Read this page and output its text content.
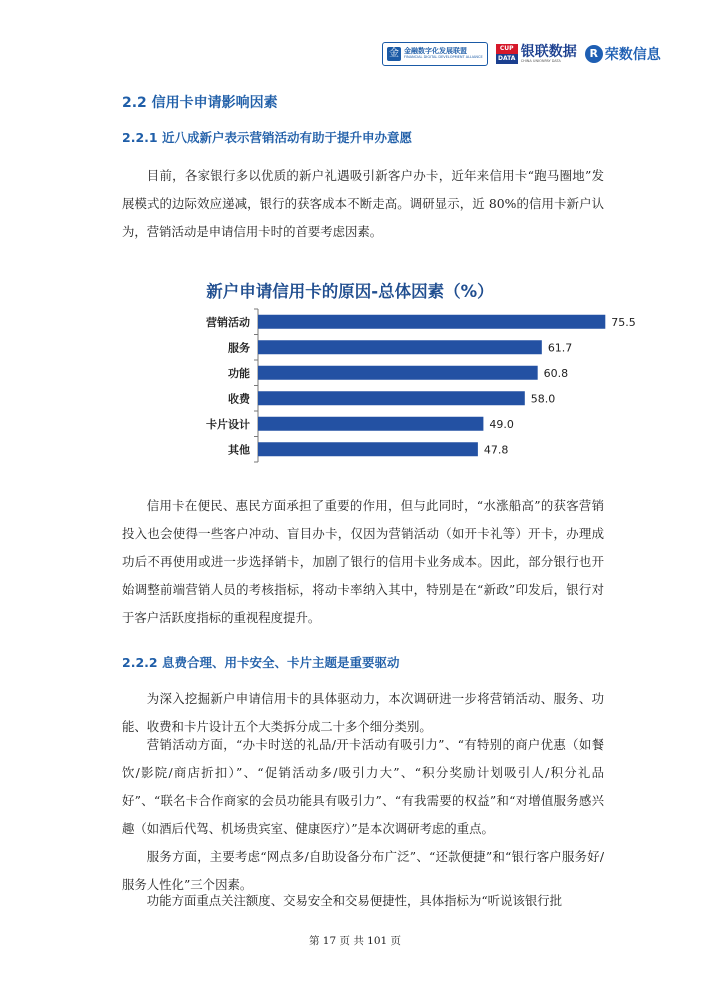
金 金融数字化发展联盟
FINANCIAL DIGITAL DEVELOPMENT ALLIANCE
CUP
DATA 银联数据
CHINA UNIONPAY DATA
R 荣数信息
2.2 信用卡申请影响因素
2.2.1 近八成新户表示营销活动有助于提升申办意愿

目前，各家银行多以优质的新户礼遇吸引新客户办卡，近年来信用卡“跑马圈地”发展模式的边际效应递减，银行的获客成本不断走高。调研显示，近 80%的信用卡新户认为，营销活动是申请信用卡时的首要考虑因素。

新户申请信用卡的原因-总体因素（%）
营销活动	75.5
服务	61.7
功能	60.8
收费	58.0
卡片设计	49.0
其他	47.8

信用卡在便民、惠民方面承担了重要的作用，但与此同时，“水涨船高”的获客营销投入也会使得一些客户冲动、盲目办卡，仅因为营销活动（如开卡礼等）开卡，办理成功后不再使用或进一步选择销卡，加剧了银行的信用卡业务成本。因此，部分银行也开始调整前端营销人员的考核指标，将动卡率纳入其中，特别是在“新政”印发后，银行对于客户活跃度指标的重视程度提升。

2.2.2 息费合理、用卡安全、卡片主题是重要驱动

为深入挖掘新户申请信用卡的具体驱动力，本次调研进一步将营销活动、服务、功能、收费和卡片设计五个大类拆分成二十多个细分类别。

营销活动方面，“办卡时送的礼品/开卡活动有吸引力”、“有特别的商户优惠（如餐饮/影院/商店折扣）”、“促销活动多/吸引力大”、“积分奖励计划吸引人/积分礼品好”、“联名卡合作商家的会员功能具有吸引力”、“有我需要的权益”和“对增值服务感兴趣（如酒后代驾、机场贵宾室、健康医疗）”是本次调研考虑的重点。

服务方面，主要考虑“网点多/自助设备分布广泛”、“还款便捷”和“银行客户服务好/服务人性化”三个因素。

功能方面重点关注额度、交易安全和交易便捷性，具体指标为“听说该银行批

第 17 页 共 101 页
